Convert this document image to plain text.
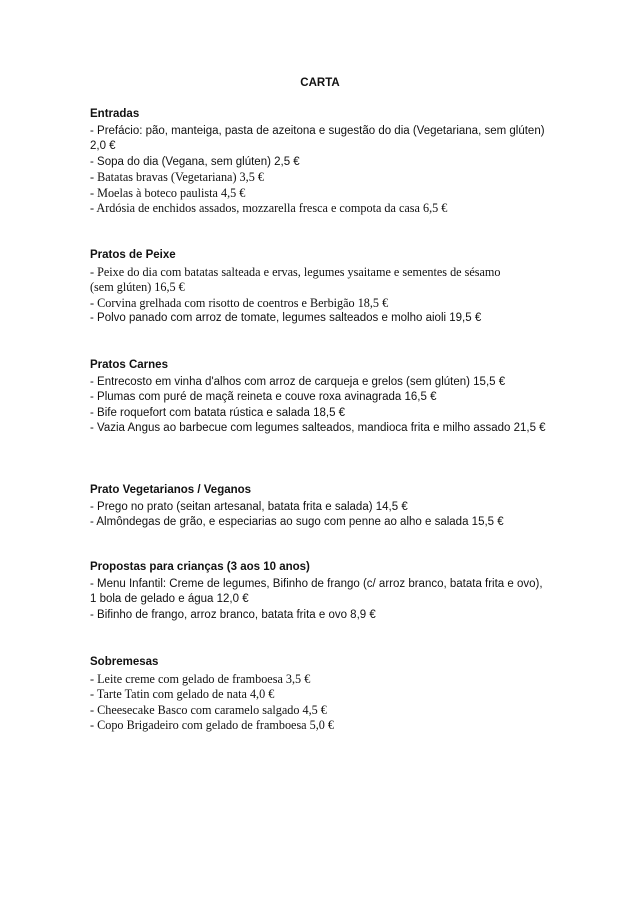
CARTA
Entradas
- Prefácio: pão, manteiga, pasta de azeitona e sugestão do dia (Vegetariana, sem glúten)
2,0 €
- Sopa do dia (Vegana, sem glúten) 2,5 €
- Batatas bravas (Vegetariana) 3,5 €
- Moelas à boteco paulista 4,5 €
- Ardósia de enchidos assados, mozzarella fresca e compota da casa 6,5 €
Pratos de Peixe
- Peixe do dia com batatas salteada e ervas, legumes ysaitame e sementes de sésamo
(sem glúten) 16,5 €
- Corvina grelhada com risotto de coentros e Berbigão 18,5 €
- Polvo panado com arroz de tomate, legumes salteados e molho aioli 19,5 €
Pratos Carnes
- Entrecosto em vinha d'alhos com arroz de carqueja e grelos (sem glúten) 15,5 €
- Plumas com puré de maçã reineta e couve roxa avinagrada 16,5 €
- Bife roquefort com batata rústica e salada 18,5 €
- Vazia Angus ao barbecue com legumes salteados, mandioca frita e milho assado 21,5 €
Prato Vegetarianos / Veganos
- Prego no prato (seitan artesanal, batata frita e salada) 14,5 €
- Almôndegas de grão, e especiarias ao sugo com penne ao alho e salada 15,5 €
Propostas para crianças (3 aos 10 anos)
- Menu Infantil: Creme de legumes, Bifinho de frango (c/ arroz branco, batata frita e ovo),
1 bola de gelado e água 12,0 €
- Bifinho de frango, arroz branco, batata frita e ovo 8,9 €
Sobremesas
- Leite creme com gelado de framboesa 3,5 €
- Tarte Tatin com gelado de nata 4,0 €
- Cheesecake Basco com caramelo salgado 4,5 €
- Copo Brigadeiro com gelado de framboesa 5,0 €
